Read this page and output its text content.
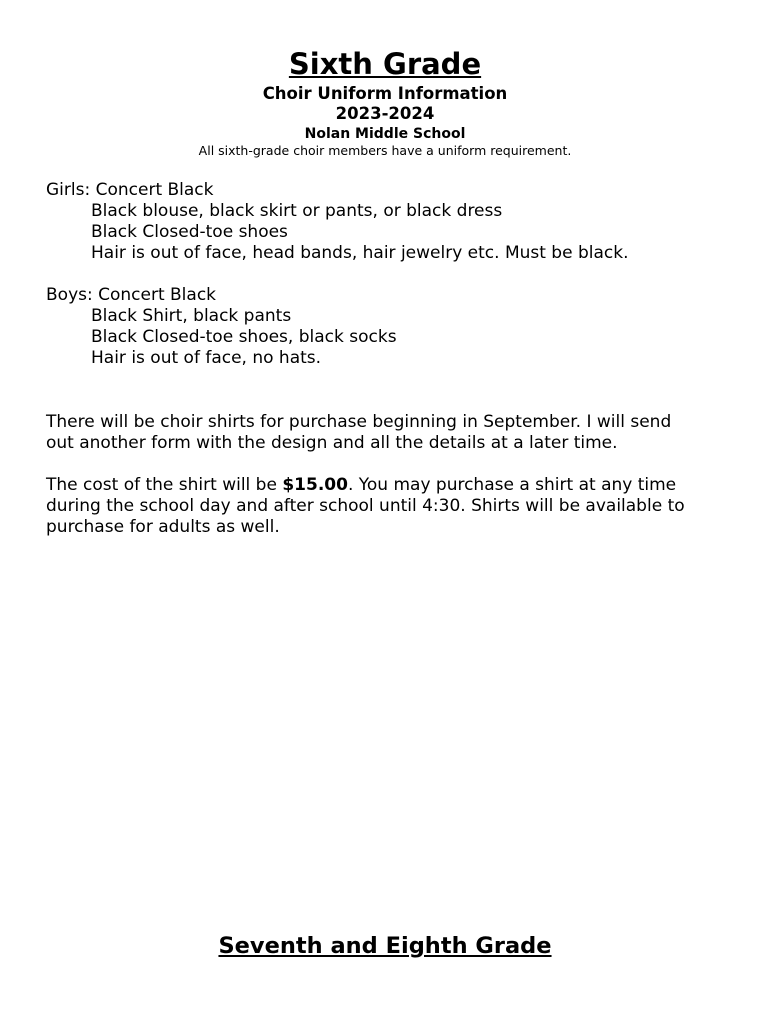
Sixth Grade
Choir Uniform Information
2023-2024
Nolan Middle School
All sixth-grade choir members have a uniform requirement.
Girls: Concert Black
Black blouse, black skirt or pants, or black dress
Black Closed-toe shoes
Hair is out of face, head bands, hair jewelry etc. Must be black.
Boys: Concert Black
Black Shirt, black pants
Black Closed-toe shoes, black socks
Hair is out of face, no hats.
There will be choir shirts for purchase beginning in September. I will send
out another form with the design and all the details at a later time.
The cost of the shirt will be $15.00. You may purchase a shirt at any time
during the school day and after school until 4:30. Shirts will be available to
purchase for adults as well.
Seventh and Eighth Grade
